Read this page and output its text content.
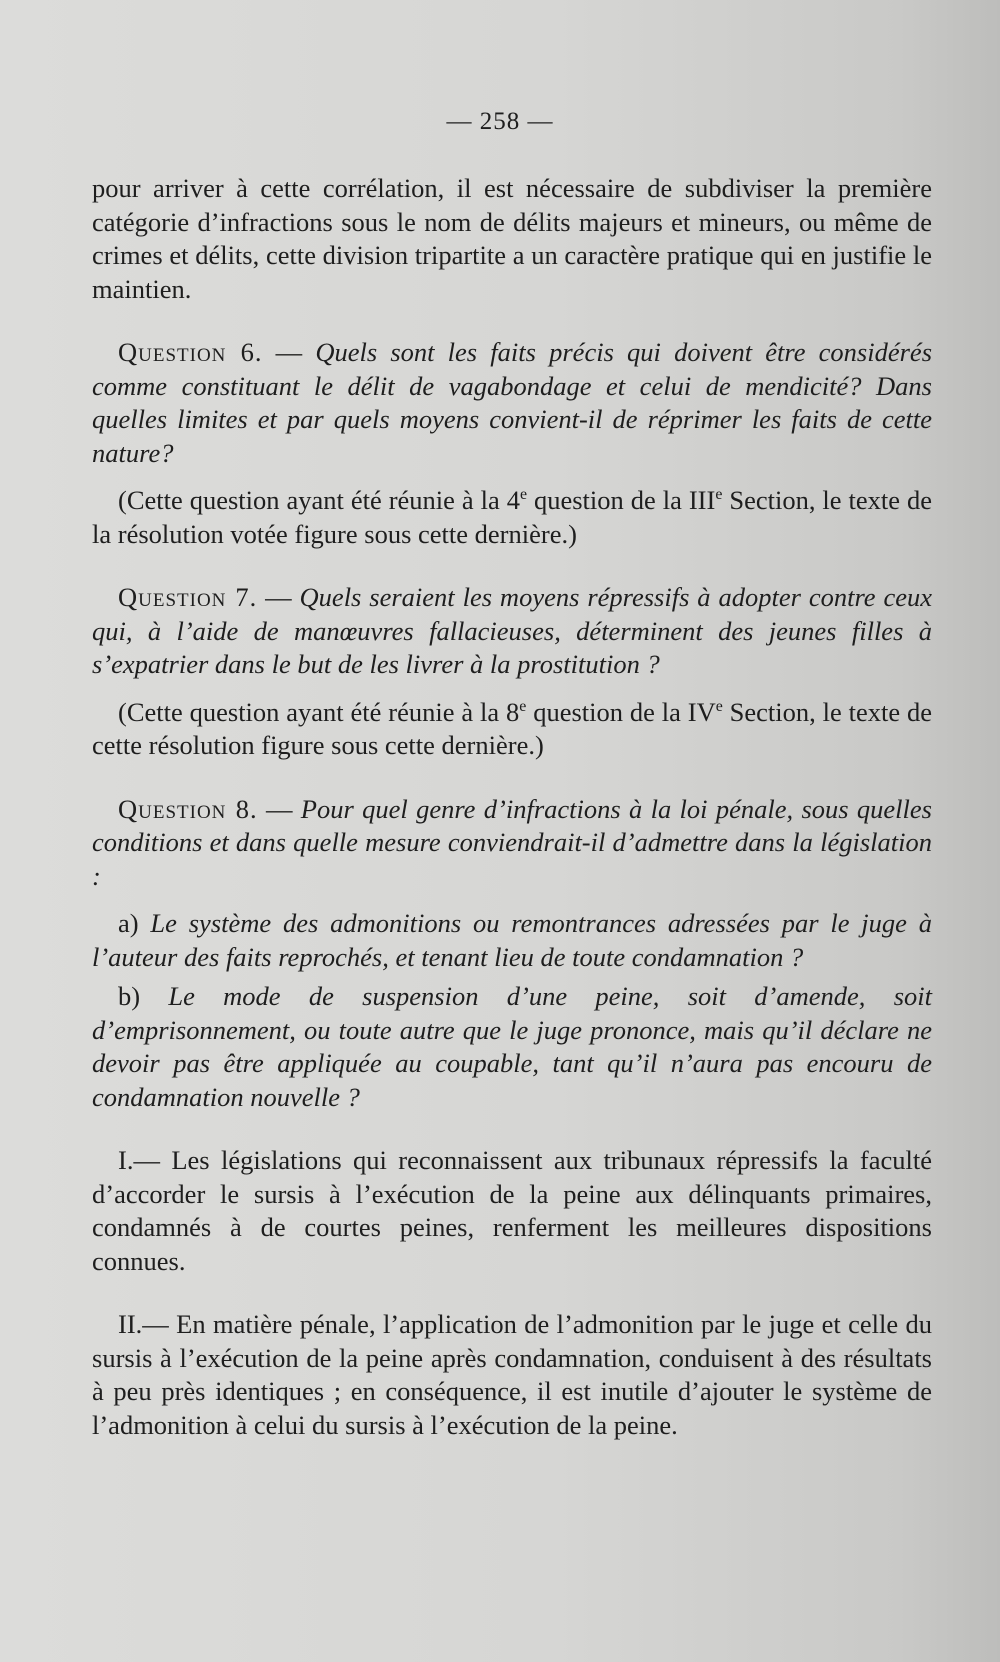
— 258 —

pour arriver à cette corrélation, il est nécessaire de subdiviser la première catégorie d’infractions sous le nom de délits majeurs et mineurs, ou même de crimes et délits, cette division tripartite a un caractère pratique qui en justifie le maintien.

Question 6. — Quels sont les faits précis qui doivent être considérés comme constituant le délit de vagabondage et celui de mendicité? Dans quelles limites et par quels moyens convient-il de réprimer les faits de cette nature?

(Cette question ayant été réunie à la 4e question de la IIIe Section, le texte de la résolution votée figure sous cette dernière.)

Question 7. — Quels seraient les moyens répressifs à adopter contre ceux qui, à l’aide de manœuvres fallacieuses, déterminent des jeunes filles à s’expatrier dans le but de les livrer à la prostitution ?

(Cette question ayant été réunie à la 8e question de la IVe Section, le texte de cette résolution figure sous cette dernière.)

Question 8. — Pour quel genre d’infractions à la loi pénale, sous quelles conditions et dans quelle mesure conviendrait-il d’admettre dans la législation :

a) Le système des admonitions ou remontrances adressées par le juge à l’auteur des faits reprochés, et tenant lieu de toute condamnation ?

b) Le mode de suspension d’une peine, soit d’amende, soit d’emprisonnement, ou toute autre que le juge prononce, mais qu’il déclare ne devoir pas être appliquée au coupable, tant qu’il n’aura pas encouru de condamnation nouvelle ?

I.— Les législations qui reconnaissent aux tribunaux répressifs la faculté d’accorder le sursis à l’exécution de la peine aux délinquants primaires, condamnés à de courtes peines, renferment les meilleures dispositions connues.

II.— En matière pénale, l’application de l’admonition par le juge et celle du sursis à l’exécution de la peine après condamnation, conduisent à des résultats à peu près identiques ; en conséquence, il est inutile d’ajouter le système de l’admonition à celui du sursis à l’exécution de la peine.
